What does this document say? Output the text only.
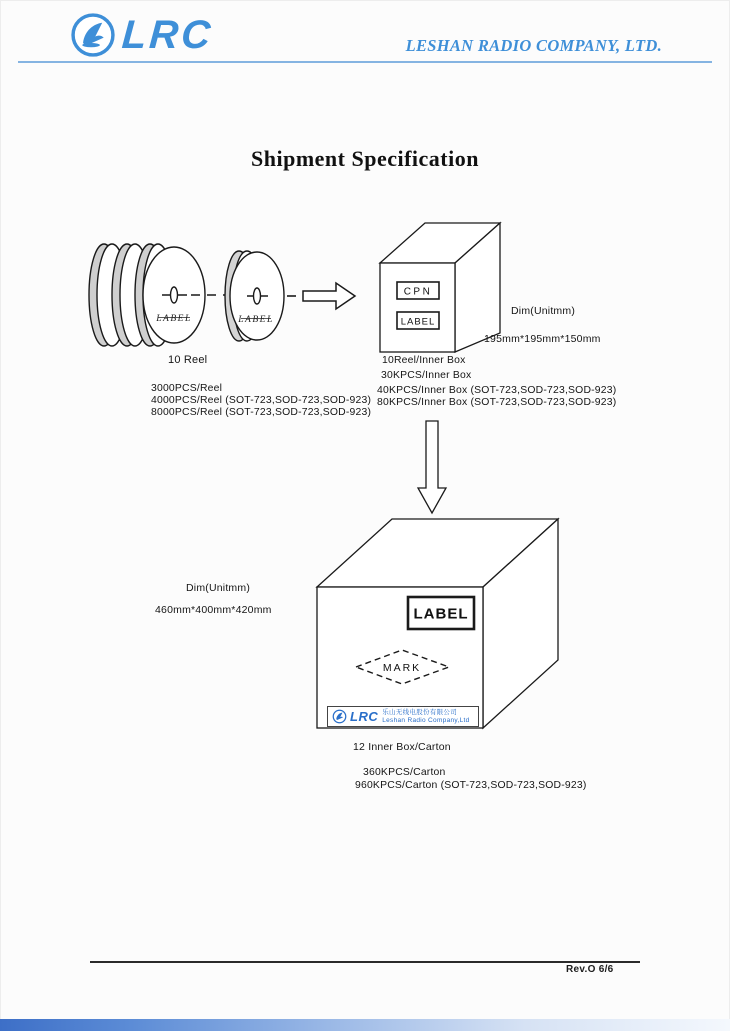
LRC	LESHAN RADIO COMPANY, LTD.
Shipment Specification
LABEL	LABEL
CPN
LABEL
LABEL
MARK
10 Reel
3000PCS/Reel
4000PCS/Reel (SOT-723,SOD-723,SOD-923)
8000PCS/Reel (SOT-723,SOD-723,SOD-923)
10Reel/Inner Box
30KPCS/Inner Box
40KPCS/Inner Box (SOT-723,SOD-723,SOD-923)
80KPCS/Inner Box (SOT-723,SOD-723,SOD-923)
Dim(Unitmm)
195mm*195mm*150mm
Dim(Unitmm)
460mm*400mm*420mm
LRC 乐山无线电股份有限公司
Leshan Radio Company,Ltd
12 Inner Box/Carton
360KPCS/Carton
960KPCS/Carton (SOT-723,SOD-723,SOD-923)
Rev.O 6/6
